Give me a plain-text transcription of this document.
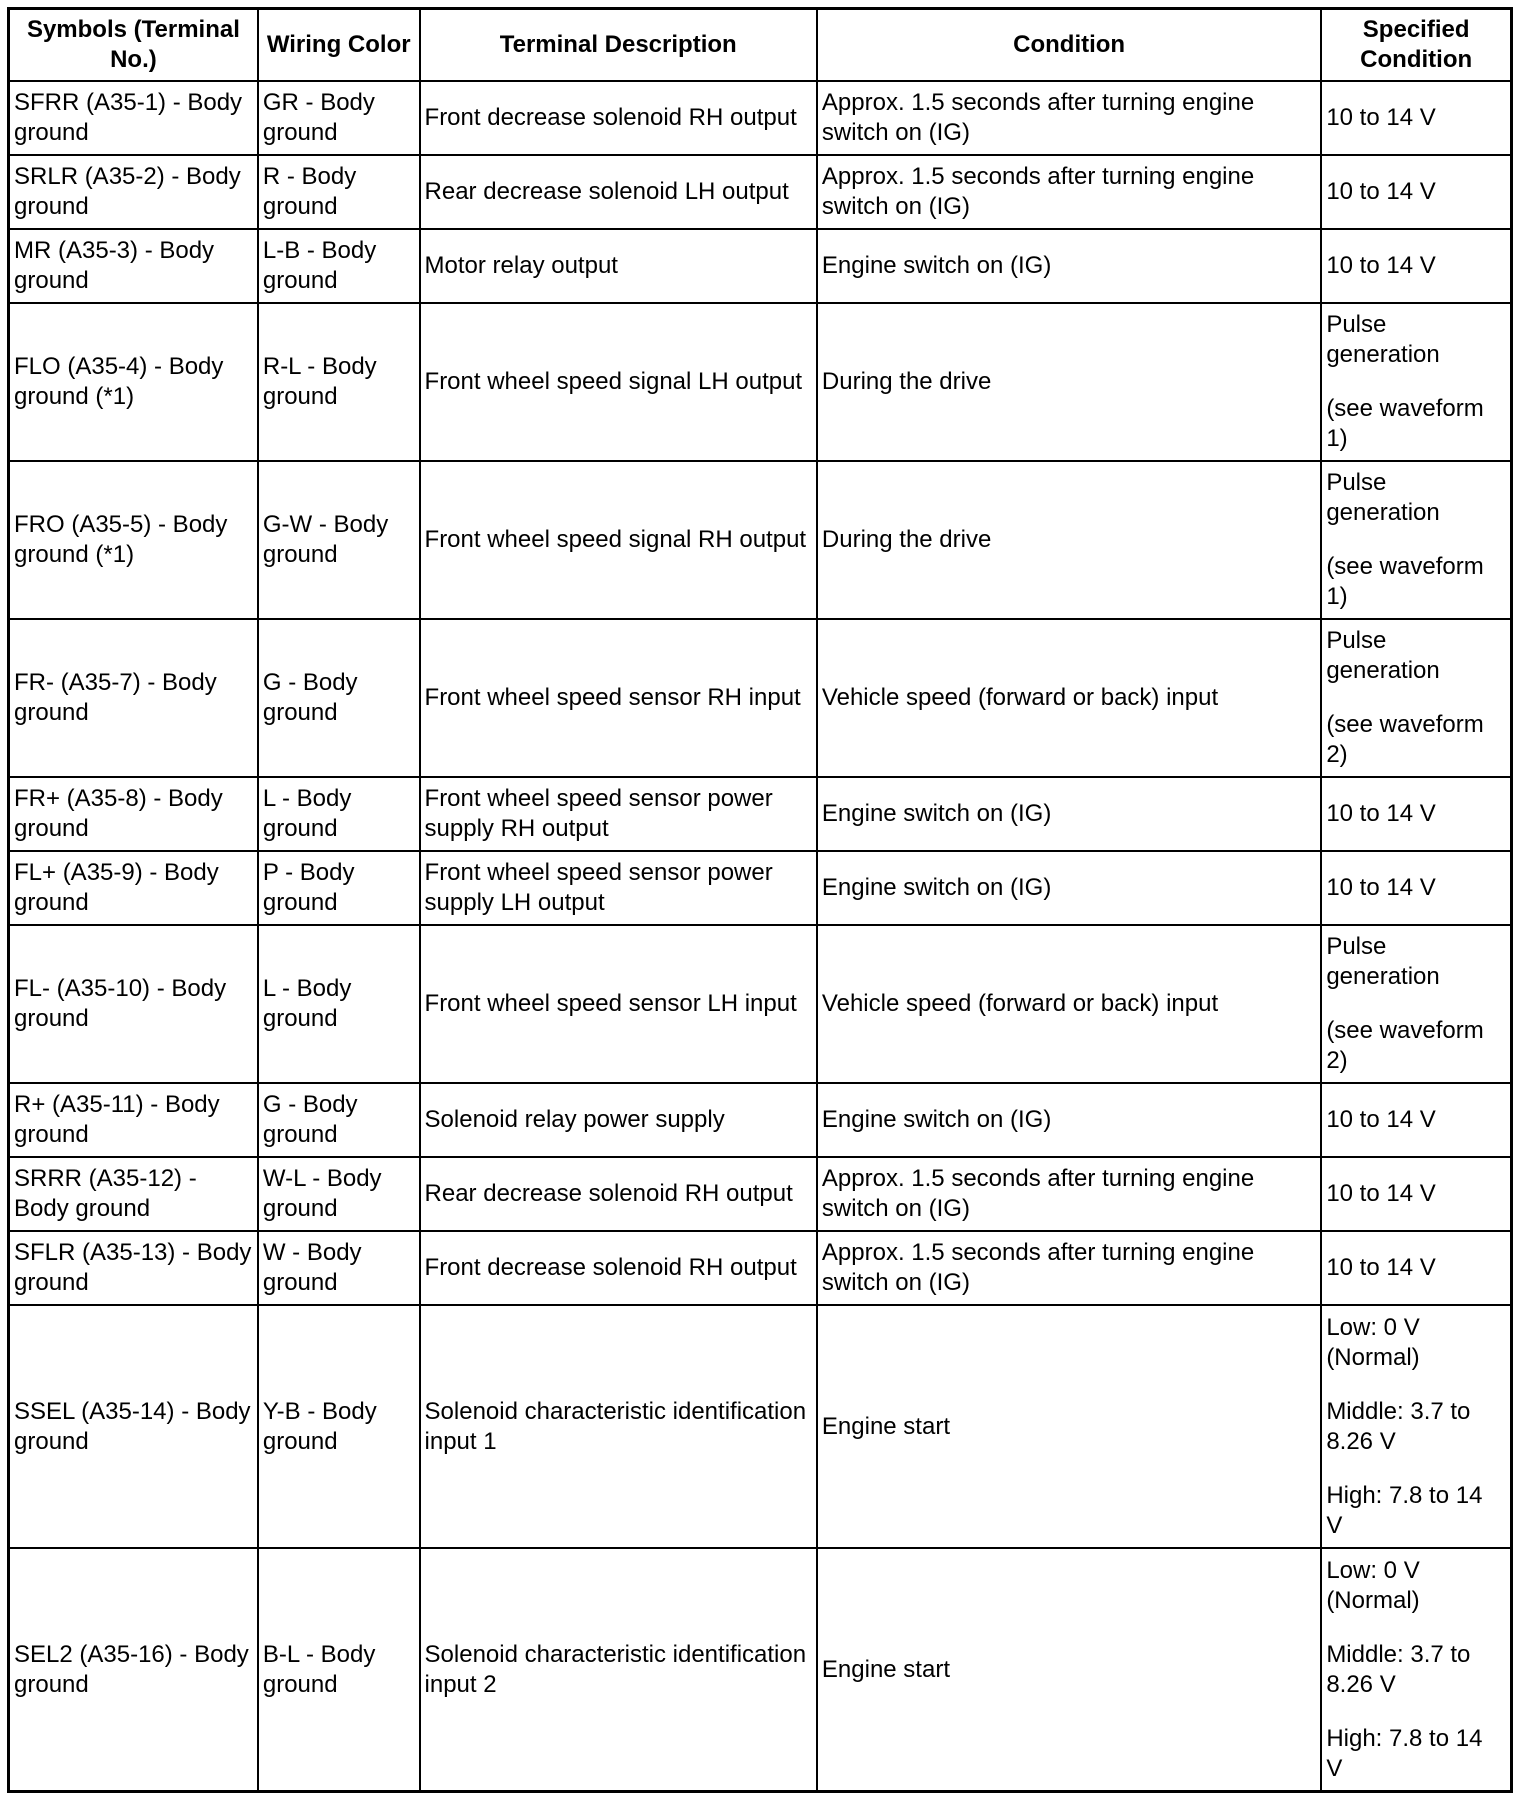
Symbols (Terminal No.)	Wiring Color	Terminal Description	Condition	Specified Condition
SFRR (A35-1) - Body ground	GR - Body ground	Front decrease solenoid RH output	Approx. 1.5 seconds after turning engine switch on (IG)	10 to 14 V

SRLR (A35-2) - Body ground	R - Body ground	Rear decrease solenoid LH output	Approx. 1.5 seconds after turning engine switch on (IG)	10 to 14 V

MR (A35-3) - Body ground	L-B - Body ground	Motor relay output	Engine switch on (IG)	10 to 14 V

FLO (A35-4) - Body ground (*1)	R-L - Body ground	Front wheel speed signal LH output	During the drive	Pulse generation

(see waveform 1)

FRO (A35-5) - Body ground (*1)	G-W - Body ground	Front wheel speed signal RH output	During the drive	Pulse generation

(see waveform 1)

FR- (A35-7) - Body ground	G - Body ground	Front wheel speed sensor RH input	Vehicle speed (forward or back) input	Pulse generation

(see waveform 2)

FR+ (A35-8) - Body ground	L - Body ground	Front wheel speed sensor power supply RH output	Engine switch on (IG)	10 to 14 V

FL+ (A35-9) - Body ground	P - Body ground	Front wheel speed sensor power supply LH output	Engine switch on (IG)	10 to 14 V

FL- (A35-10) - Body ground	L - Body ground	Front wheel speed sensor LH input	Vehicle speed (forward or back) input	Pulse generation

(see waveform 2)

R+ (A35-11) - Body ground	G - Body ground	Solenoid relay power supply	Engine switch on (IG)	10 to 14 V

SRRR (A35-12) - Body ground	W-L - Body ground	Rear decrease solenoid RH output	Approx. 1.5 seconds after turning engine switch on (IG)	10 to 14 V

SFLR (A35-13) - Body ground	W - Body ground	Front decrease solenoid RH output	Approx. 1.5 seconds after turning engine switch on (IG)	10 to 14 V

SSEL (A35-14) - Body ground	Y-B - Body ground	Solenoid characteristic identification input 1	Engine start	Low: 0 V (Normal)

Middle: 3.7 to 8.26 V

High: 7.8 to 14 V

SEL2 (A35-16) - Body ground	B-L - Body ground	Solenoid characteristic identification input 2	Engine start	Low: 0 V (Normal)

Middle: 3.7 to 8.26 V

High: 7.8 to 14 V
